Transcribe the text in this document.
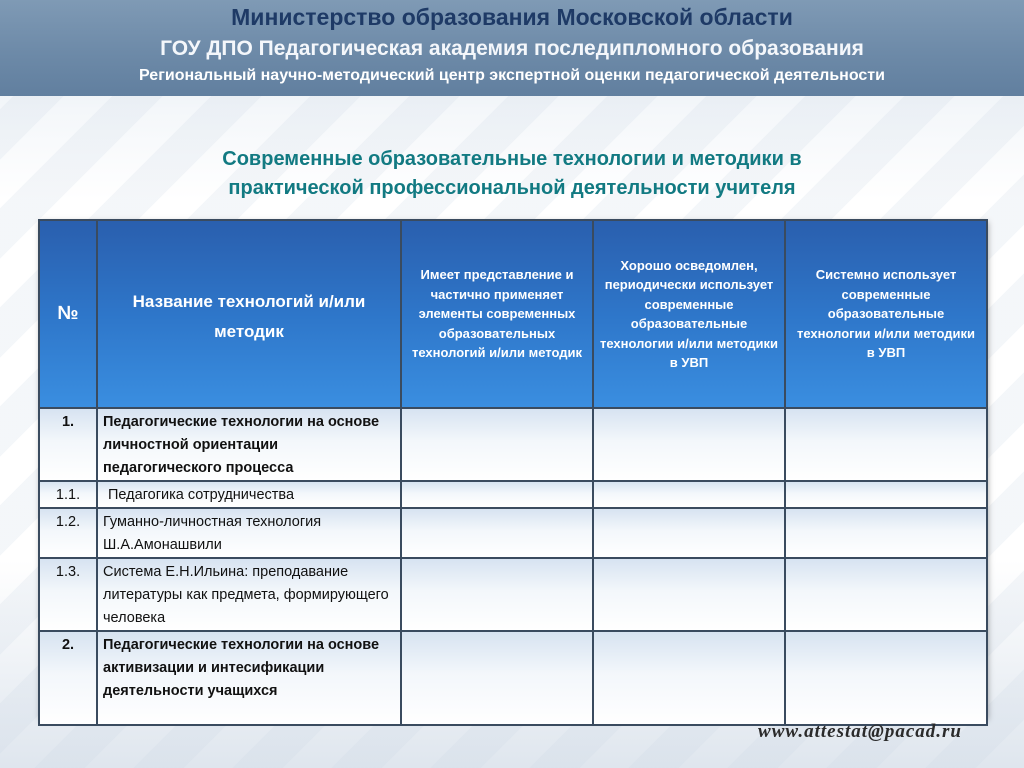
Министерство образования Московской области
ГОУ ДПО Педагогическая академия последипломного образования
Региональный научно-методический центр экспертной оценки педагогической деятельности
Современные образовательные технологии и методики в
практической профессиональной деятельности учителя
№	Название технологий и/или методик	Имеет представление и частично применяет элементы современных образовательных технологий и/или методик	Хорошо осведомлен, периодически использует современные образовательные технологии и/или методики в УВП	Системно использует современные образовательные технологии и/или методики в УВП
1.	Педагогические технологии на основе личностной ориентации педагогического процесса			
1.1.	Педагогика сотрудничества			
1.2.	Гуманно-личностная технология Ш.А.Амонашвили			
1.3.	Система Е.Н.Ильина: преподавание литературы как предмета, формирующего человека			
2.	Педагогические технологии на основе активизации и интесификации деятельности учащихся			
www.attestat@pacad.ru
